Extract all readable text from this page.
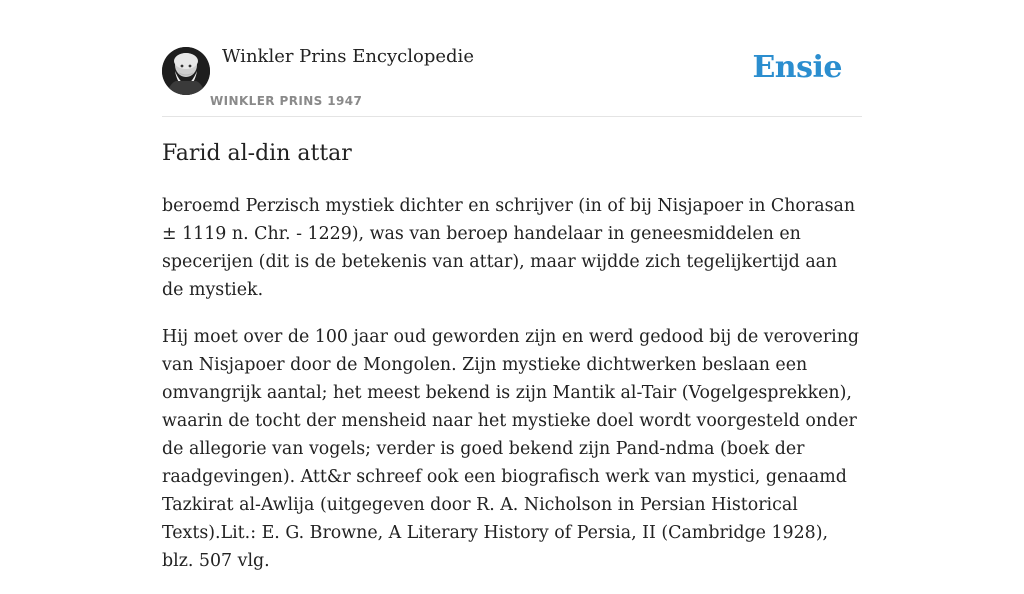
Winkler Prins Encyclopedie
WINKLER PRINS 1947
Ensie
Farid al-din attar

beroemd Perzisch mystiek dichter en schrijver (in of bij Nisjapoer in Chorasan ± 1119 n. Chr. - 1229), was van beroep handelaar in geneesmiddelen en specerijen (dit is de betekenis van attar), maar wijdde zich tegelijkertijd aan de mystiek.

Hij moet over de 100 jaar oud geworden zijn en werd gedood bij de verovering van Nisjapoer door de Mongolen. Zijn mystieke dichtwerken beslaan een omvangrijk aantal; het meest bekend is zijn Mantik al-Tair (Vogelgesprekken), waarin de tocht der mensheid naar het mystieke doel wordt voorgesteld onder de allegorie van vogels; verder is goed bekend zijn Pand-ndma (boek der raadgevingen). Att&r schreef ook een biografisch werk van mystici, genaamd Tazkirat al-Awlija (uitgegeven door R. A. Nicholson in Persian Historical Texts).Lit.: E. G. Browne, A Literary History of Persia, II (Cambridge 1928), blz. 507 vlg.
